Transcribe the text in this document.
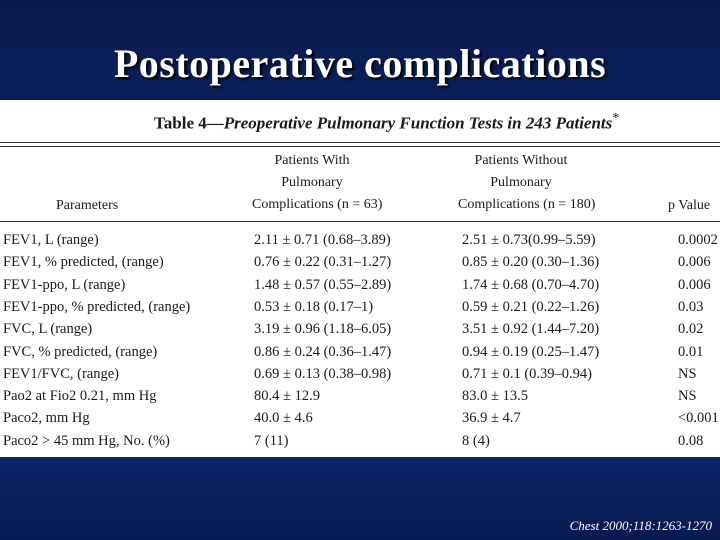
Postoperative complications
Table 4—Preoperative Pulmonary Function Tests in 243 Patients*
Parameters
Patients With
Pulmonary
Complications (n = 63)
Patients Without
Pulmonary
Complications (n = 180)	p Value
FEV1, L (range)	2.11 ± 0.71 (0.68–3.89)	2.51 ± 0.73(0.99–5.59)	0.0002
FEV1, % predicted, (range)	0.76 ± 0.22 (0.31–1.27)	0.85 ± 0.20 (0.30–1.36)	0.006
FEV1-ppo, L (range)	1.48 ± 0.57 (0.55–2.89)	1.74 ± 0.68 (0.70–4.70)	0.006
FEV1-ppo, % predicted, (range)	0.53 ± 0.18 (0.17–1)	0.59 ± 0.21 (0.22–1.26)	0.03
FVC, L (range)	3.19 ± 0.96 (1.18–6.05)	3.51 ± 0.92 (1.44–7.20)	0.02
FVC, % predicted, (range)	0.86 ± 0.24 (0.36–1.47)	0.94 ± 0.19 (0.25–1.47)	0.01
FEV1/FVC, (range)	0.69 ± 0.13 (0.38–0.98)	0.71 ± 0.1 (0.39–0.94)	NS
Pao2 at Fio2 0.21, mm Hg	80.4 ± 12.9	83.0 ± 13.5	NS
Paco2, mm Hg	40.0 ± 4.6	36.9 ± 4.7	<0.001
Paco2 > 45 mm Hg, No. (%)	7 (11)	8 (4)	0.08
Chest 2000;118:1263-1270
